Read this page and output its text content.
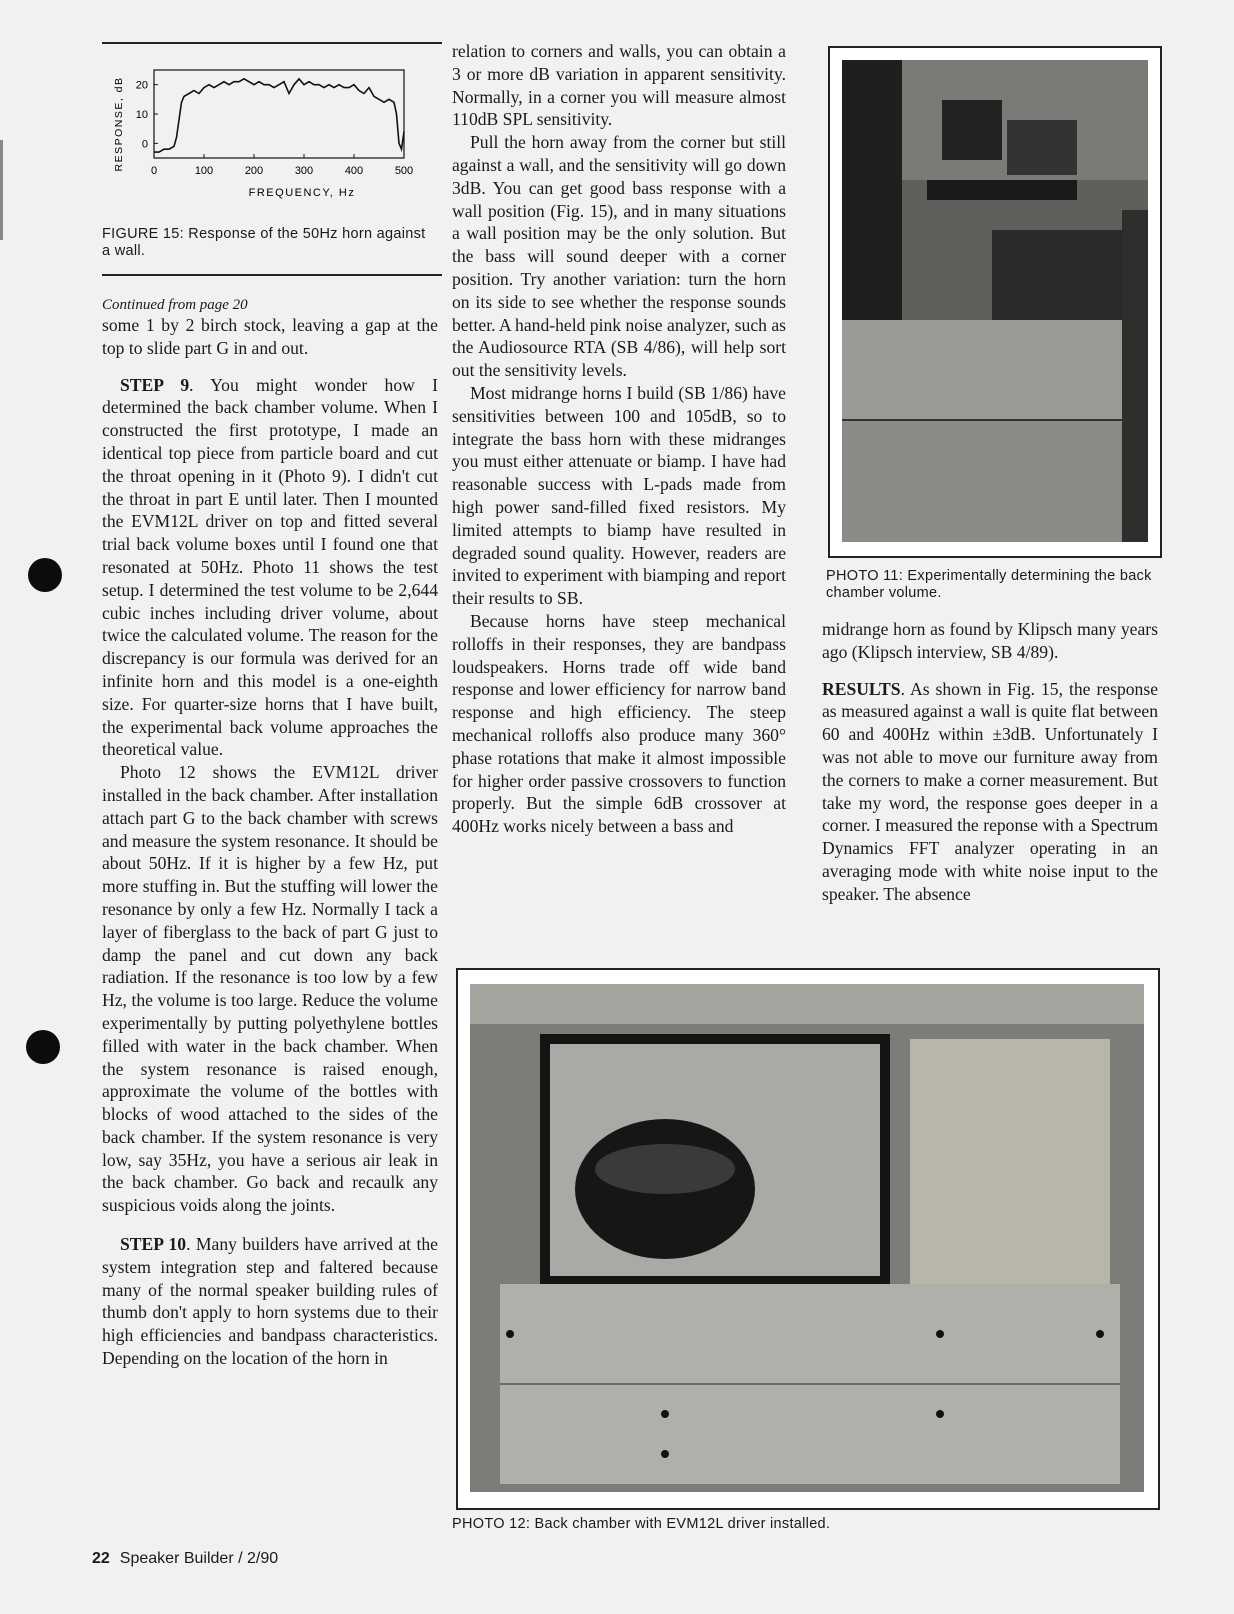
0	100	200	300	400	500
0
10
20
FREQUENCY, Hz
RESPONSE, dB
FIGURE 15: Response of the 50Hz horn against a wall.

Continued from page 20

some 1 by 2 birch stock, leaving a gap at the top to slide part G in and out.

STEP 9. You might wonder how I determined the back chamber volume. When I constructed the first prototype, I made an identical top piece from particle board and cut the throat opening in it (Photo 9). I didn't cut the throat in part E until later. Then I mounted the EVM12L driver on top and fitted several trial back volume boxes until I found one that resonated at 50Hz. Photo 11 shows the test setup. I determined the test volume to be 2,644 cubic inches including driver volume, about twice the calculated volume. The reason for the discrepancy is our formula was derived for an infinite horn and this model is a one-eighth size. For quarter-size horns that I have built, the experimental back volume approaches the theoretical value.

Photo 12 shows the EVM12L driver installed in the back chamber. After installation attach part G to the back chamber with screws and measure the system resonance. It should be about 50Hz. If it is higher by a few Hz, put more stuffing in. But the stuffing will lower the resonance by only a few Hz. Normally I tack a layer of fiberglass to the back of part G just to damp the panel and cut down any back radiation. If the resonance is too low by a few Hz, the volume is too large. Reduce the volume experimentally by putting polyethylene bottles filled with water in the back chamber. When the system resonance is raised enough, approximate the volume of the bottles with blocks of wood attached to the sides of the back chamber. If the system resonance is very low, say 35Hz, you have a serious air leak in the back chamber. Go back and recaulk any suspicious voids along the joints.

STEP 10. Many builders have arrived at the system integration step and faltered because many of the normal speaker building rules of thumb don't apply to horn systems due to their high efficiencies and bandpass characteristics. Depending on the location of the horn in

relation to corners and walls, you can obtain a 3 or more dB variation in apparent sensitivity. Normally, in a corner you will measure almost 110dB SPL sensitivity.

Pull the horn away from the corner but still against a wall, and the sensitivity will go down 3dB. You can get good bass response with a wall position (Fig. 15), and in many situations a wall position may be the only solution. But the bass will sound deeper with a corner position. Try another variation: turn the horn on its side to see whether the response sounds better. A hand-held pink noise analyzer, such as the Audiosource RTA (SB 4/86), will help sort out the sensitivity levels.

Most midrange horns I build (SB 1/86) have sensitivities between 100 and 105dB, so to integrate the bass horn with these midranges you must either attenuate or biamp. I have had reasonable success with L-pads made from high power sand-filled fixed resistors. My limited attempts to biamp have resulted in degraded sound quality. However, readers are invited to experiment with biamping and report their results to SB.

Because horns have steep mechanical rolloffs in their responses, they are bandpass loudspeakers. Horns trade off wide band response and lower efficiency for narrow band response and high efficiency. The steep mechanical rolloffs also produce many 360° phase rotations that make it almost impossible for higher order passive crossovers to function properly. But the simple 6dB crossover at 400Hz works nicely between a bass and

PHOTO 11: Experimentally determining the back chamber volume.

midrange horn as found by Klipsch many years ago (Klipsch interview, SB 4/89).

RESULTS. As shown in Fig. 15, the response as measured against a wall is quite flat between 60 and 400Hz within ±3dB. Unfortunately I was not able to move our furniture away from the corners to make a corner measurement. But take my word, the response goes deeper in a corner. I measured the reponse with a Spectrum Dynamics FFT analyzer operating in an averaging mode with white noise input to the speaker. The absence

PHOTO 12: Back chamber with EVM12L driver installed.
22 Speaker Builder / 2/90
